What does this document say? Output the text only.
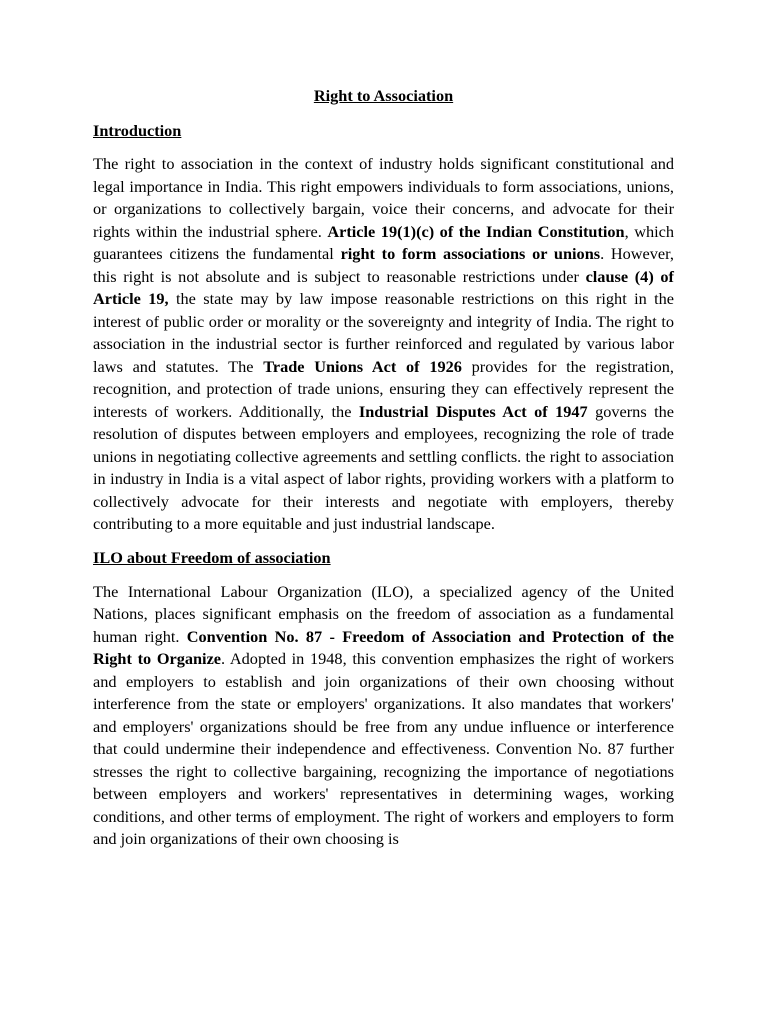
Right to Association
Introduction

The right to association in the context of industry holds significant constitutional and legal importance in India. This right empowers individuals to form associations, unions, or organizations to collectively bargain, voice their concerns, and advocate for their rights within the industrial sphere. Article 19(1)(c) of the Indian Constitution, which guarantees citizens the fundamental right to form associations or unions. However, this right is not absolute and is subject to reasonable restrictions under clause (4) of Article 19, the state may by law impose reasonable restrictions on this right in the interest of public order or morality or the sovereignty and integrity of India. The right to association in the industrial sector is further reinforced and regulated by various labor laws and statutes. The Trade Unions Act of 1926 provides for the registration, recognition, and protection of trade unions, ensuring they can effectively represent the interests of workers. Additionally, the Industrial Disputes Act of 1947 governs the resolution of disputes between employers and employees, recognizing the role of trade unions in negotiating collective agreements and settling conflicts. the right to association in industry in India is a vital aspect of labor rights, providing workers with a platform to collectively advocate for their interests and negotiate with employers, thereby contributing to a more equitable and just industrial landscape.

ILO about Freedom of association

The International Labour Organization (ILO), a specialized agency of the United Nations, places significant emphasis on the freedom of association as a fundamental human right. Convention No. 87 - Freedom of Association and Protection of the Right to Organize. Adopted in 1948, this convention emphasizes the right of workers and employers to establish and join organizations of their own choosing without interference from the state or employers' organizations. It also mandates that workers' and employers' organizations should be free from any undue influence or interference that could undermine their independence and effectiveness. Convention No. 87 further stresses the right to collective bargaining, recognizing the importance of negotiations between employers and workers' representatives in determining wages, working conditions, and other terms of employment. The right of workers and employers to form and join organizations of their own choosing is
